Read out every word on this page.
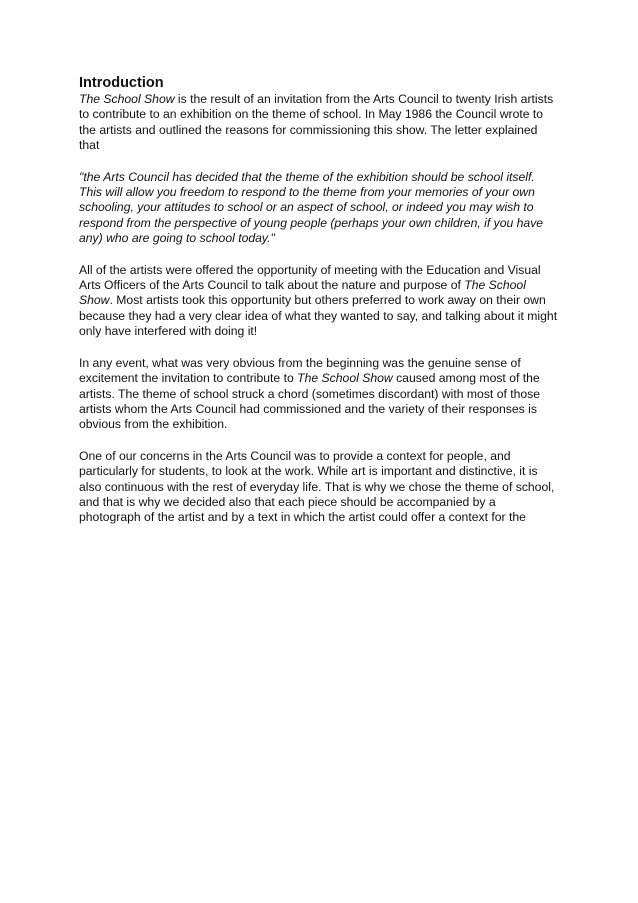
Introduction

The School Show is the result of an invitation from the Arts Council to twenty Irish artists to contribute to an exhibition on the theme of school. In May 1986 the Council wrote to the artists and outlined the reasons for commissioning this show. The letter explained that

"the Arts Council has decided that the theme of the exhibition should be school itself. This will allow you freedom to respond to the theme from your memories of your own schooling, your attitudes to school or an aspect of school, or indeed you may wish to respond from the perspective of young people (perhaps your own children, if you have any) who are going to school today."

All of the artists were offered the opportunity of meeting with the Education and Visual Arts Officers of the Arts Council to talk about the nature and purpose of The School Show. Most artists took this opportunity but others preferred to work away on their own because they had a very clear idea of what they wanted to say, and talking about it might only have interfered with doing it!

In any event, what was very obvious from the beginning was the genuine sense of excitement the invitation to contribute to The School Show caused among most of the artists. The theme of school struck a chord (sometimes discordant) with most of those artists whom the Arts Council had commissioned and the variety of their responses is obvious from the exhibition.

One of our concerns in the Arts Council was to provide a context for people, and particularly for students, to look at the work. While art is important and distinctive, it is also continuous with the rest of everyday life. That is why we chose the theme of school, and that is why we decided also that each piece should be accompanied by a photograph of the artist and by a text in which the artist could offer a context for the
